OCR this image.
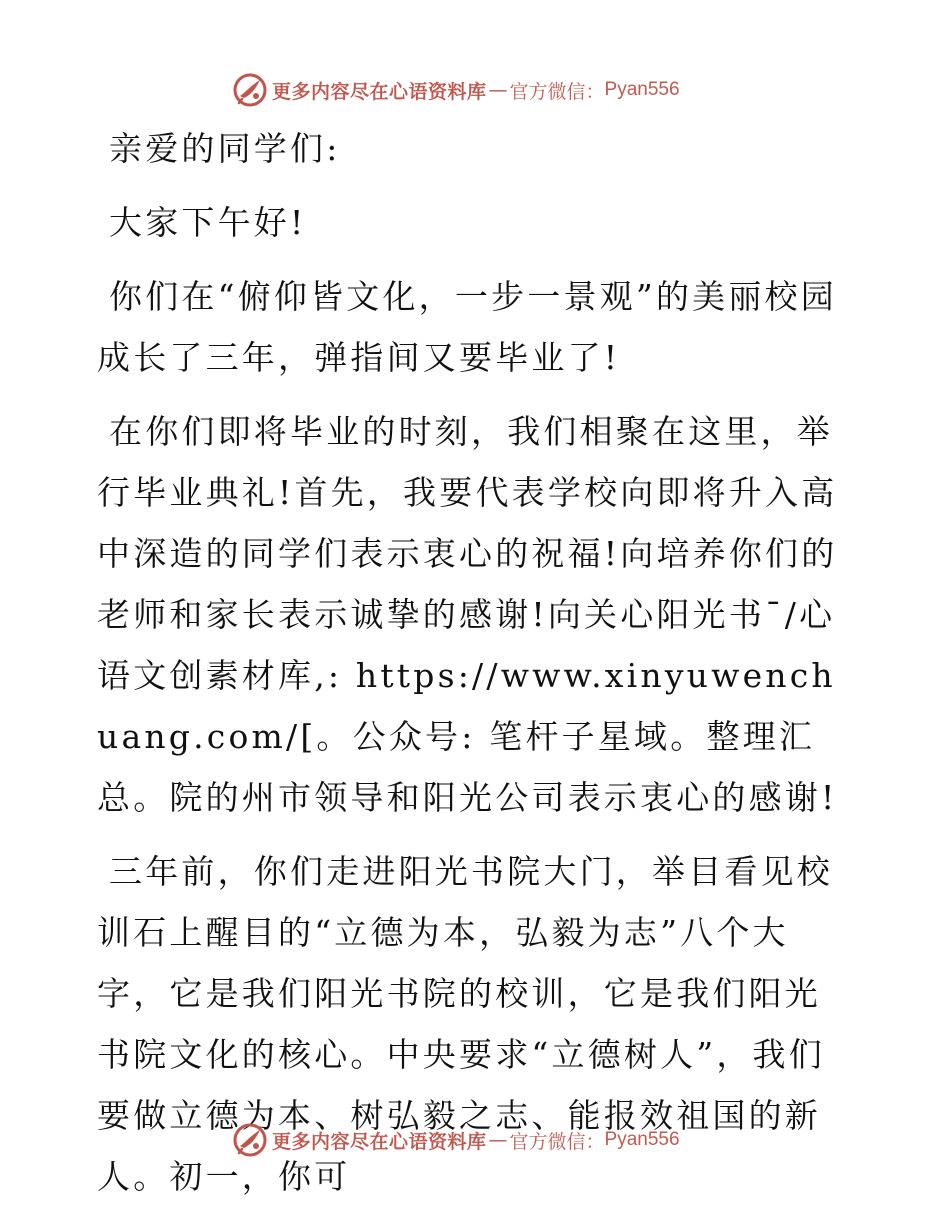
更多内容尽在心语资料库 — 官方微信： Pyan556

亲爱的同学们:

大家下午好!

你们在“俯仰皆文化，一步一景观”的美丽校园成长了三年，弹指间又要毕业了!

在你们即将毕业的时刻，我们相聚在这里，举行毕业典礼!首先，我要代表学校向即将升入高中深造的同学们表示衷心的祝福!向培养你们的老师和家长表示诚挚的感谢!向关心阳光书¯/心语文创素材库,: https://www.xinyuwenchuang.com/[。公众号: 笔杆子星域。整理汇总。院的州市领导和阳光公司表示衷心的感谢!

三年前，你们走进阳光书院大门，举目看见校训石上醒目的“立德为本，弘毅为志”八个大字，它是我们阳光书院的校训，它是我们阳光书院文化的核心。中央要求“立德树人”，我们要做立德为本、树弘毅之志、能报效祖国的新人。初一，你可

更多内容尽在心语资料库 — 官方微信： Pyan556
